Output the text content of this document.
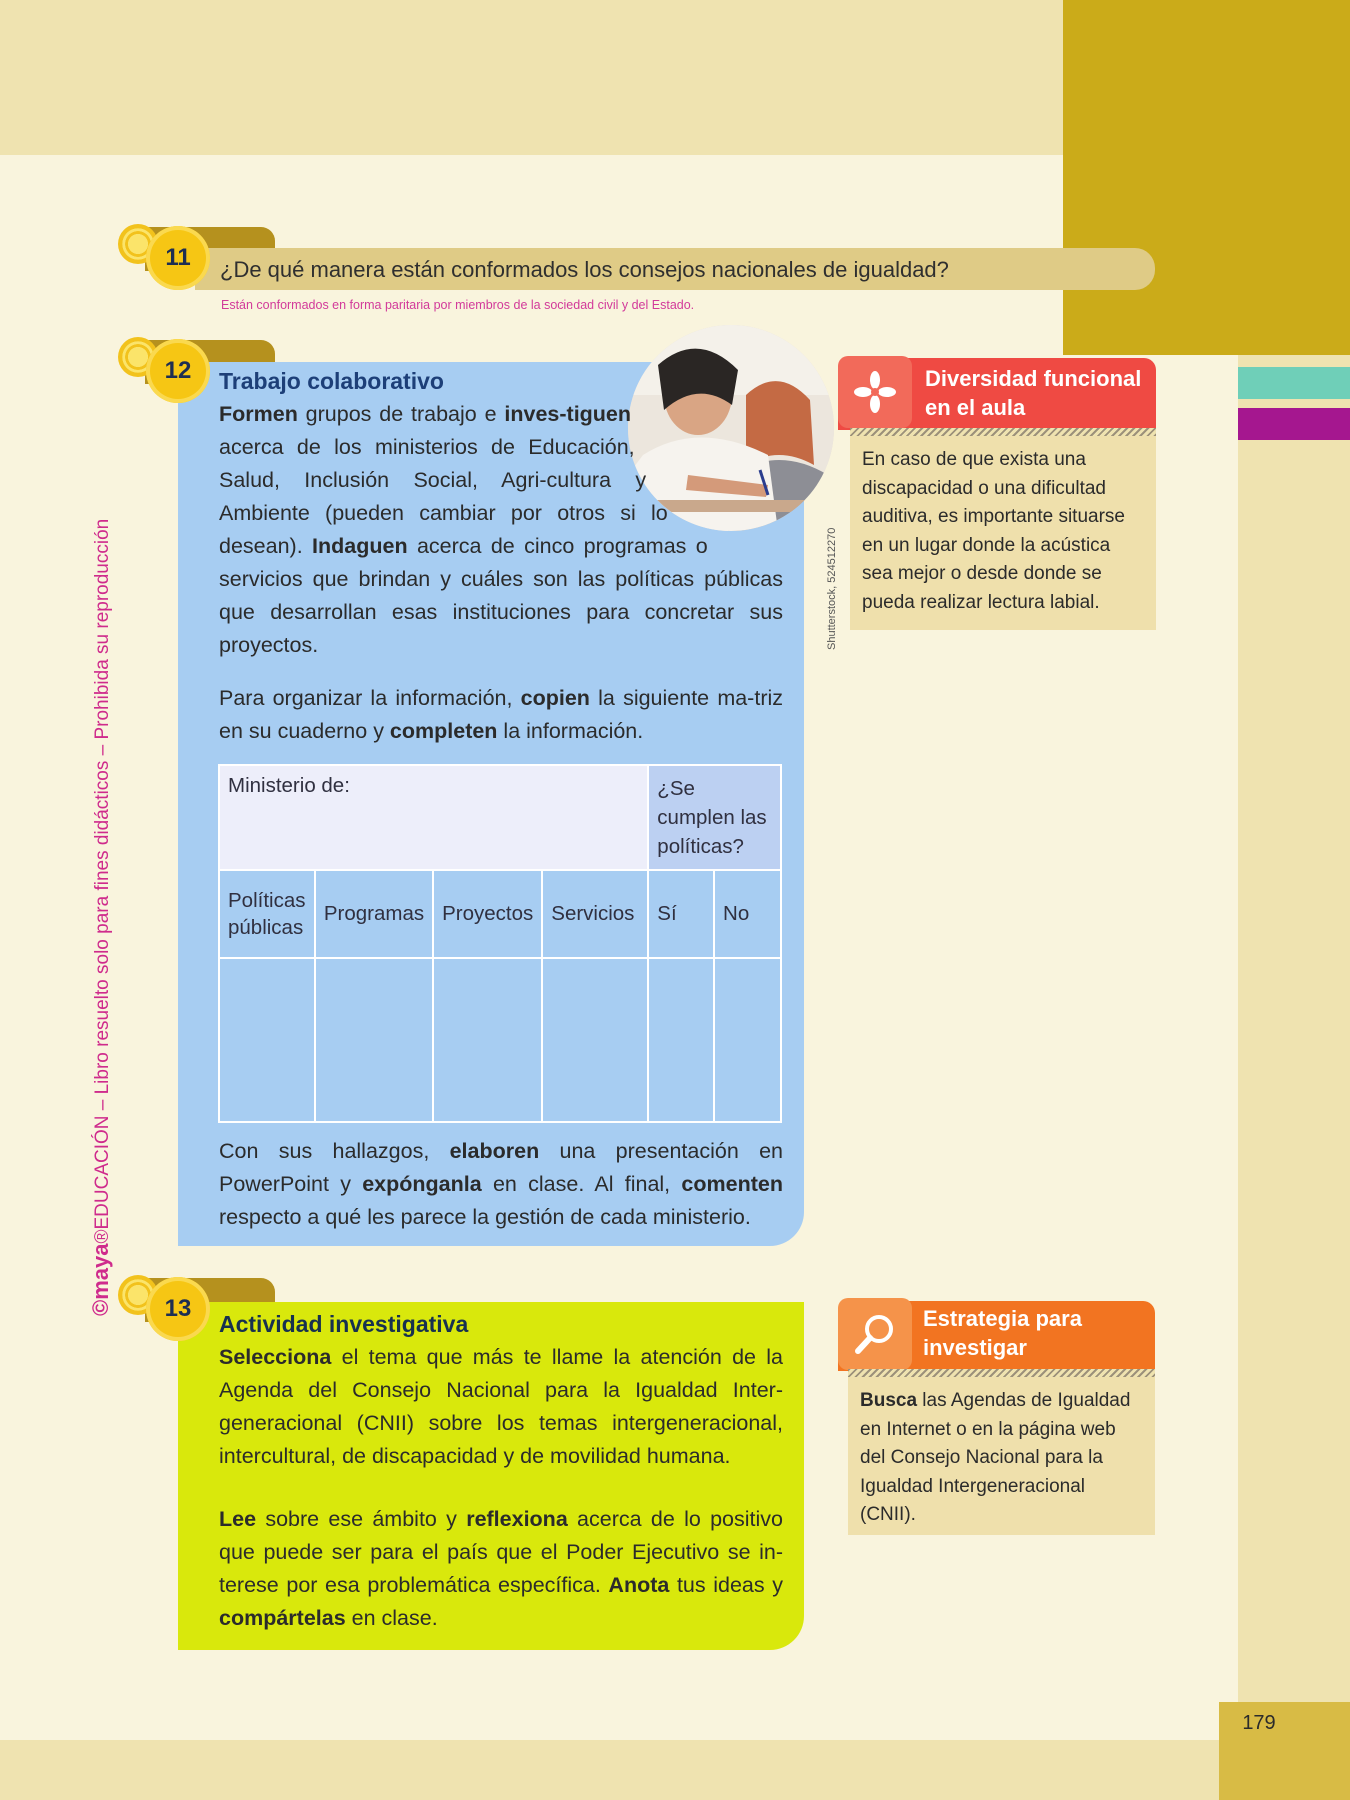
179
©maya®EDUCACIÓN – Libro resuelto solo para fines didácticos – Prohibida su reproducción
11	¿De qué manera están conformados los consejos nacionales de igualdad?
Están conformados en forma paritaria por miembros de la sociedad civil y del Estado.
12
Shutterstock, 524512270
Trabajo colaborativo
Formen grupos de trabajo e inves-tiguen acerca de los ministerios de Educación, Salud, Inclusión Social, Agri-cultura y Ambiente (pueden cambiar por otros si lo desean). Indaguen acerca de cinco programas o servicios que brindan y cuáles son las políticas públicas que desarrollan esas instituciones para concretar sus proyectos.
Para organizar la información, copien la siguiente ma-triz en su cuaderno y completen la información.
Ministerio de:				¿Se cumplen las políticas?	
Políticas públicas	Programas	Proyectos	Servicios	Sí	No

Con sus hallazgos, elaboren una presentación en PowerPoint y expónganla en clase. Al final, comenten respecto a qué les parece la gestión de cada ministerio.
Diversidad funcional en el aula
En caso de que exista una discapacidad o una dificultad auditiva, es importante situarse en un lugar donde la acústica sea mejor o desde donde se pueda realizar lectura labial.
13
Actividad investigativa
Selecciona el tema que más te llame la atención de la Agenda del Consejo Nacional para la Igualdad Inter-generacional (CNII) sobre los temas intergeneracional, intercultural, de discapacidad y de movilidad humana.
Lee sobre ese ámbito y reflexiona acerca de lo positivo que puede ser para el país que el Poder Ejecutivo se in-terese por esa problemática específica. Anota tus ideas y compártelas en clase.
Estrategia para investigar
Busca las Agendas de Igualdad en Internet o en la página web del Consejo Nacional para la Igualdad Intergeneracional (CNII).
